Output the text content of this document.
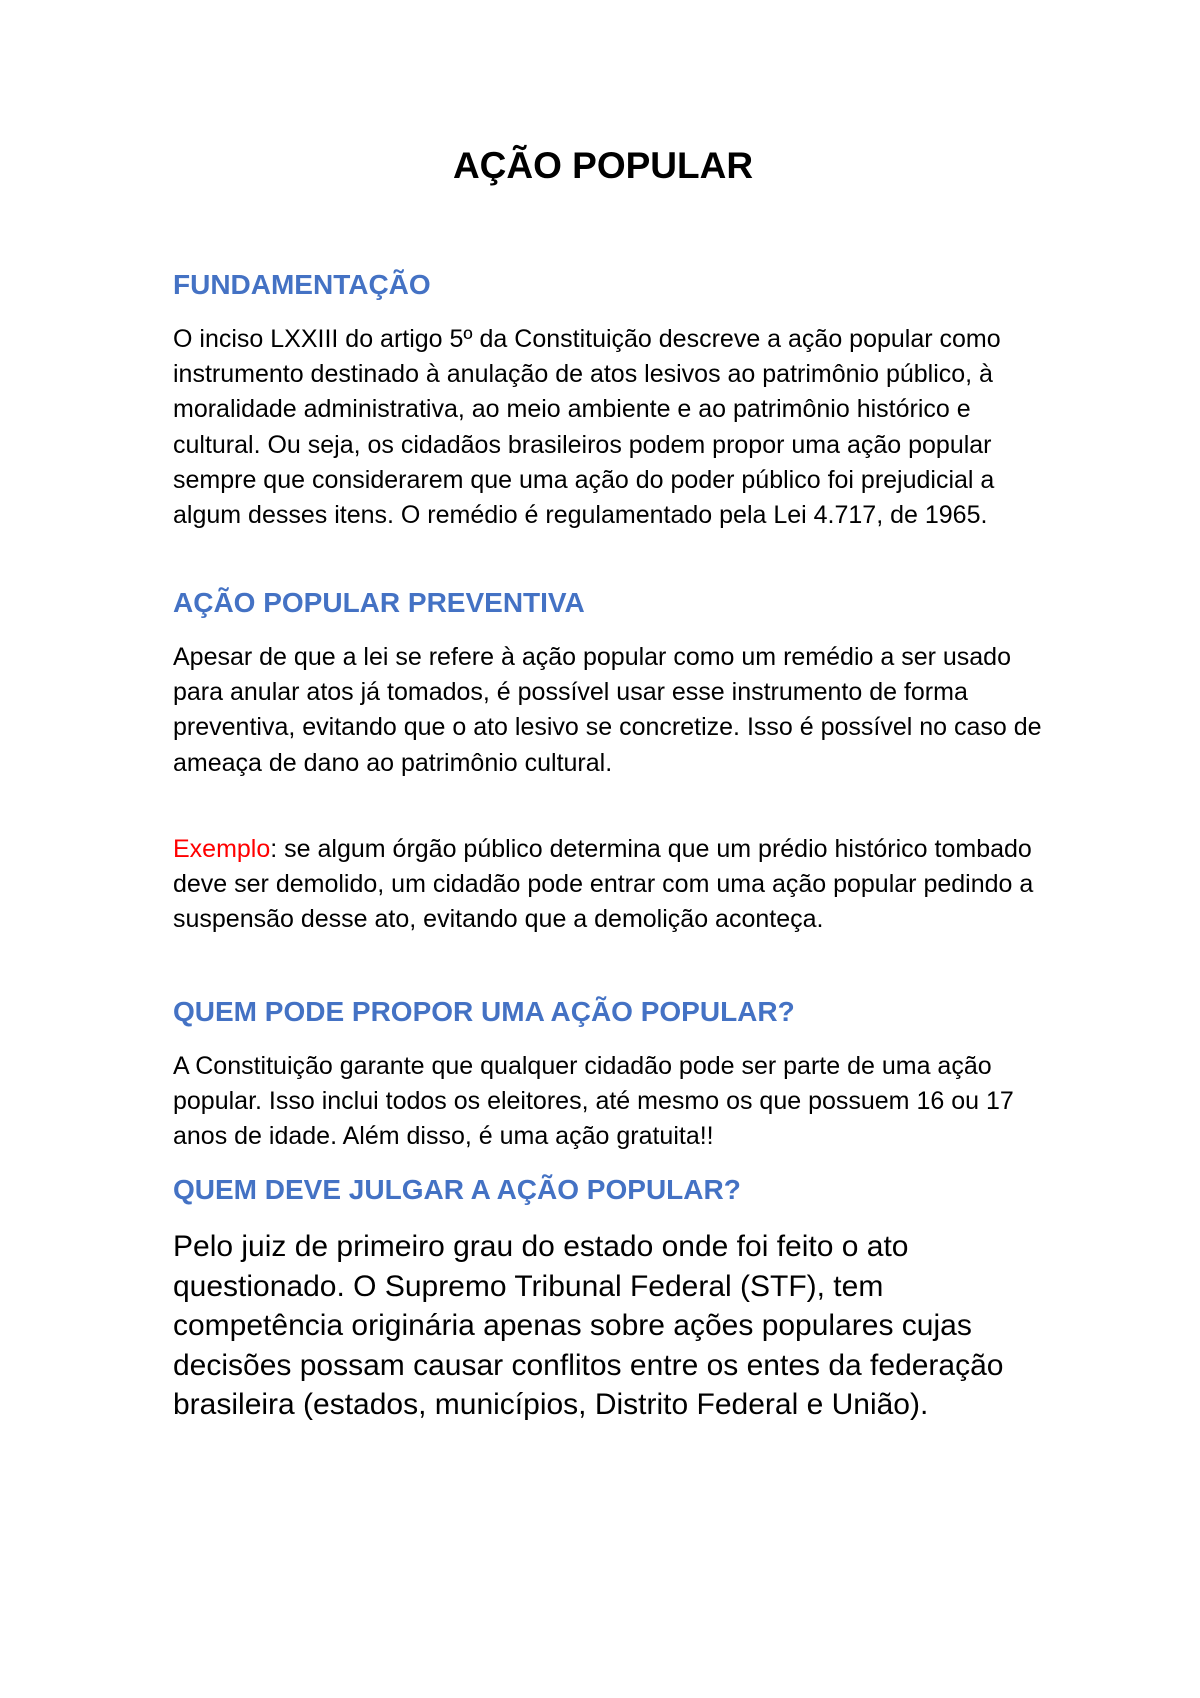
AÇÃO POPULAR
FUNDAMENTAÇÃO

O inciso LXXIII do artigo 5º da Constituição descreve a ação popular como instrumento destinado à anulação de atos lesivos ao patrimônio público, à moralidade administrativa, ao meio ambiente e ao patrimônio histórico e cultural. Ou seja, os cidadãos brasileiros podem propor uma ação popular sempre que considerarem que uma ação do poder público foi prejudicial a algum desses itens. O remédio é regulamentado pela Lei 4.717, de 1965.

AÇÃO POPULAR PREVENTIVA

Apesar de que a lei se refere à ação popular como um remédio a ser usado para anular atos já tomados, é possível usar esse instrumento de forma preventiva, evitando que o ato lesivo se concretize. Isso é possível no caso de ameaça de dano ao patrimônio cultural.

Exemplo: se algum órgão público determina que um prédio histórico tombado deve ser demolido, um cidadão pode entrar com uma ação popular pedindo a suspensão desse ato, evitando que a demolição aconteça.

QUEM PODE PROPOR UMA AÇÃO POPULAR?

A Constituição garante que qualquer cidadão pode ser parte de uma ação popular. Isso inclui todos os eleitores, até mesmo os que possuem 16 ou 17 anos de idade. Além disso, é uma ação gratuita!!

QUEM DEVE JULGAR A AÇÃO POPULAR?

Pelo juiz de primeiro grau do estado onde foi feito o ato questionado. O Supremo Tribunal Federal (STF), tem competência originária apenas sobre ações populares cujas decisões possam causar conflitos entre os entes da federação brasileira (estados, municípios, Distrito Federal e União).
